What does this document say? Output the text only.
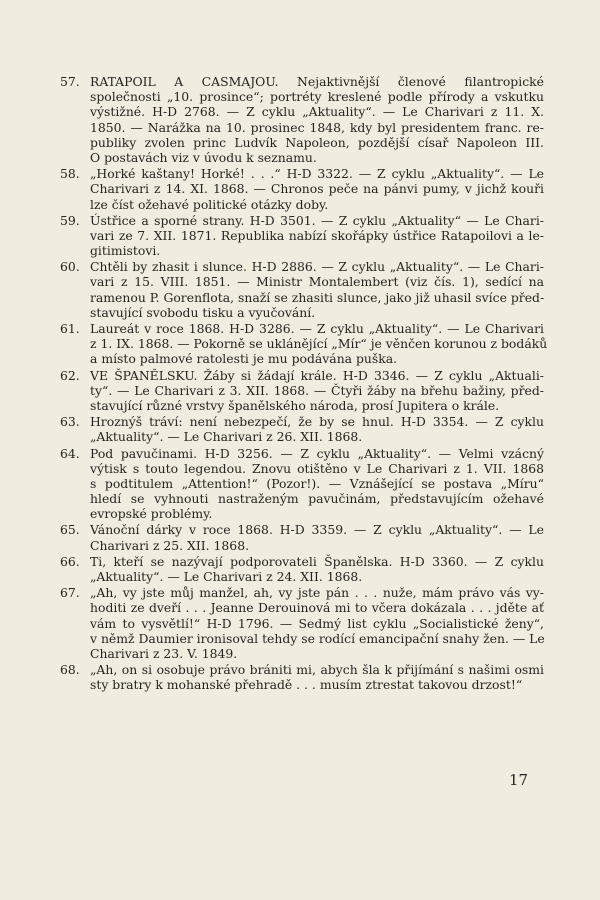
57. RATAPOIL A CASMAJOU. Nejaktivnější členové filantropické
společnosti „10. prosince“; portréty kreslené podle přírody a vskutku
výstižné. H-D 2768. — Z cyklu „Aktuality“. — Le Charivari z 11. X.
1850. — Narážka na 10. prosinec 1848, kdy byl presidentem franc. re-
publiky zvolen princ Ludvík Napoleon, pozdější císař Napoleon III.
O postavách viz v úvodu k seznamu.
58. „Horké kaštany! Horké! . . .“ H-D 3322. — Z cyklu „Aktuality“. — Le
Charivari z 14. XI. 1868. — Chronos peče na pánvi pumy, v jichž kouři
lze číst ožehavé politické otázky doby.
59. Ústřice a sporné strany. H-D 3501. — Z cyklu „Aktuality“ — Le Chari-
vari ze 7. XII. 1871. Republika nabízí skořápky ústřice Ratapoilovi a le-
gitimistovi.
60. Chtěli by zhasit i slunce. H-D 2886. — Z cyklu „Aktuality“. — Le Chari-
vari z 15. VIII. 1851. — Ministr Montalembert (viz čís. 1), sedící na
ramenou P. Gorenflota, snaží se zhasiti slunce, jako již uhasil svíce před-
stavující svobodu tisku a vyučování.
61. Laureát v roce 1868. H-D 3286. — Z cyklu „Aktuality“. — Le Charivari
z 1. IX. 1868. — Pokorně se uklánějící „Mír“ je věnčen korunou z bodáků
a místo palmové ratolesti je mu podávána puška.
62. VE ŠPANĚLSKU. Žáby si žádají krále. H-D 3346. — Z cyklu „Aktuali-
ty“. — Le Charivari z 3. XII. 1868. — Čtyři žáby na břehu bažiny, před-
stavující různé vrstvy španělského národa, prosí Jupitera o krále.
63. Hroznýš tráví: není nebezpečí, že by se hnul. H-D 3354. — Z cyklu
„Aktuality“. — Le Charivari z 26. XII. 1868.
64. Pod pavučinami. H-D 3256. — Z cyklu „Aktuality“. — Velmi vzácný
výtisk s touto legendou. Znovu otištěno v Le Charivari z 1. VII. 1868
s podtitulem „Attention!“ (Pozor!). — Vznášející se postava „Míru“
hledí se vyhnouti nastraženým pavučinám, představujícím ožehavé
evropské problémy.
65. Vánoční dárky v roce 1868. H-D 3359. — Z cyklu „Aktuality“. — Le
Charivari z 25. XII. 1868.
66. Ti, kteří se nazývají podporovateli Španělska. H-D 3360. — Z cyklu
„Aktuality“. — Le Charivari z 24. XII. 1868.
67. „Ah, vy jste můj manžel, ah, vy jste pán . . . nuže, mám právo vás vy-
hoditi ze dveří . . . Jeanne Derouinová mi to včera dokázala . . . jděte ať
vám to vysvětlí!“ H-D 1796. — Sedmý list cyklu „Socialistické ženy“,
v němž Daumier ironisoval tehdy se rodící emancipační snahy žen. — Le
Charivari z 23. V. 1849.
68. „Ah, on si osobuje právo brániti mi, abych šla k přijímání s našimi osmi
sty bratry k mohanské přehradě . . . musím ztrestat takovou drzost!“
17
